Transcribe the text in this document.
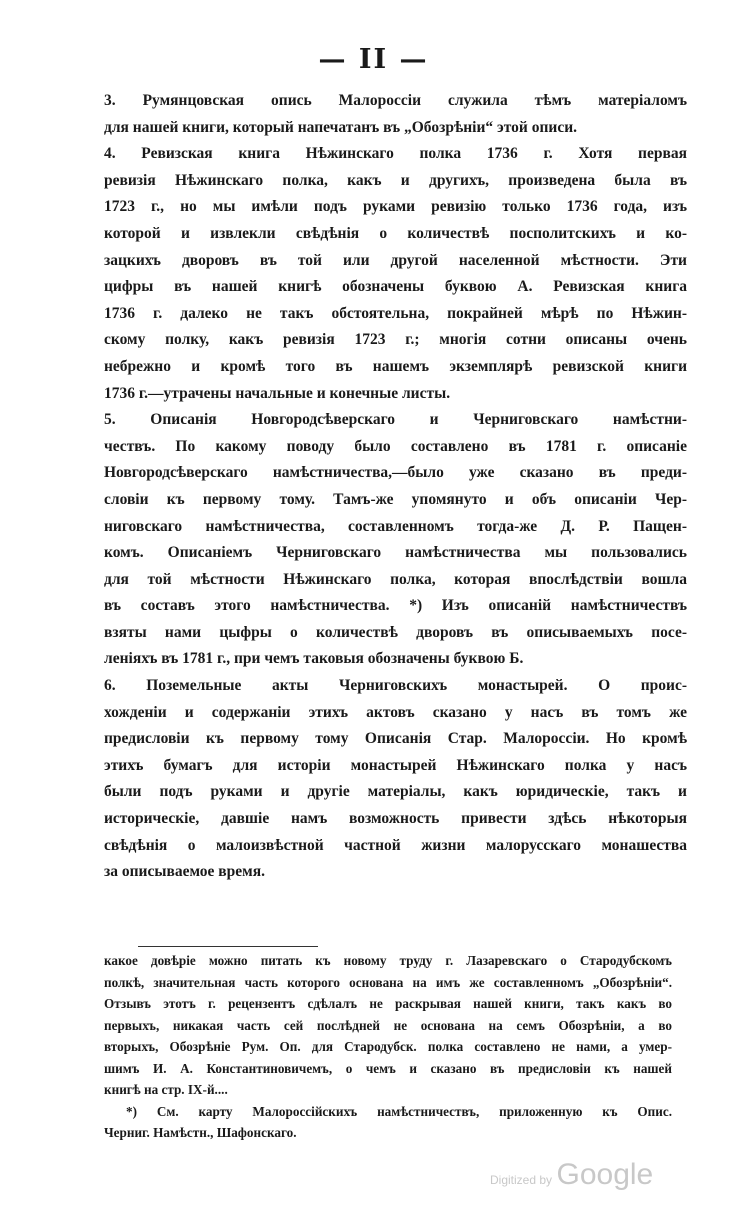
— II —

3. Румянцовская опись Малороссіи служила тѣмъ матеріаломъ
для нашей книги, который напечатанъ въ „Обозрѣніи“ этой описи.

4. Ревизская книга Нѣжинскаго полка 1736 г. Хотя первая
ревизія Нѣжинскаго полка, какъ и другихъ, произведена была въ
1723 г., но мы имѣли подъ руками ревизію только 1736 года, изъ
которой и извлекли свѣдѣнія о количествѣ посполитскихъ и ко-
зацкихъ дворовъ въ той или другой населенной мѣстности. Эти
цифры въ нашей книгѣ обозначены буквою А. Ревизская книга
1736 г. далеко не такъ обстоятельна, покрайней мѣрѣ по Нѣжин-
скому полку, какъ ревизія 1723 г.; многія сотни описаны очень
небрежно и кромѣ того въ нашемъ экземплярѣ ревизской книги
1736 г.—утрачены начальные и конечные листы.

5. Описанія Новгородсѣверскаго и Черниговскаго намѣстни-
чествъ. По какому поводу было составлено въ 1781 г. описаніе
Новгородсѣверскаго намѣстничества,—было уже сказано въ преди-
словіи къ первому тому. Тамъ-же упомянуто и объ описаніи Чер-
ниговскаго намѣстничества, составленномъ тогда-же Д. Р. Пащен-
комъ. Описаніемъ Черниговскаго намѣстничества мы пользовались
для той мѣстности Нѣжинскаго полка, которая впослѣдствіи вошла
въ составъ этого намѣстничества. *) Изъ описаній намѣстничествъ
взяты нами цыфры о количествѣ дворовъ въ описываемыхъ посе-
леніяхъ въ 1781 г., при чемъ таковыя обозначены буквою Б.

6. Поземельные акты Черниговскихъ монастырей. О проис-
хожденіи и содержаніи этихъ актовъ сказано у насъ въ томъ же
предисловіи къ первому тому Описанія Стар. Малороссіи. Но кромѣ
этихъ бумагъ для исторіи монастырей Нѣжинскаго полка у насъ
были подъ руками и другіе матеріалы, какъ юридическіе, такъ и
историческіе, давшіе намъ возможность привести здѣсь нѣкоторыя
свѣдѣнія о малоизвѣстной частной жизни малорусскаго монашества
за описываемое время.

какое довѣріе можно питать къ новому труду г. Лазаревскаго о Стародубскомъ
полкѣ, значительная часть которого основана на имъ же составленномъ „Обозрѣніи“.
Отзывъ этотъ г. рецензентъ сдѣлалъ не раскрывая нашей книги, такъ какъ во
первыхъ, никакая часть сей послѣдней не основана на семъ Обозрѣніи, а во
вторыхъ, Обозрѣніе Рум. Оп. для Стародубск. полка составлено не нами, а умер-
шимъ И. А. Константиновичемъ, о чемъ и сказано въ предисловіи къ нашей
книгѣ на стр. IX-й....
*) См. карту Малороссійскихъ намѣстничествъ, приложенную къ Опис.
Черниг. Намѣстн., Шафонскаго.
Digitized by Google
